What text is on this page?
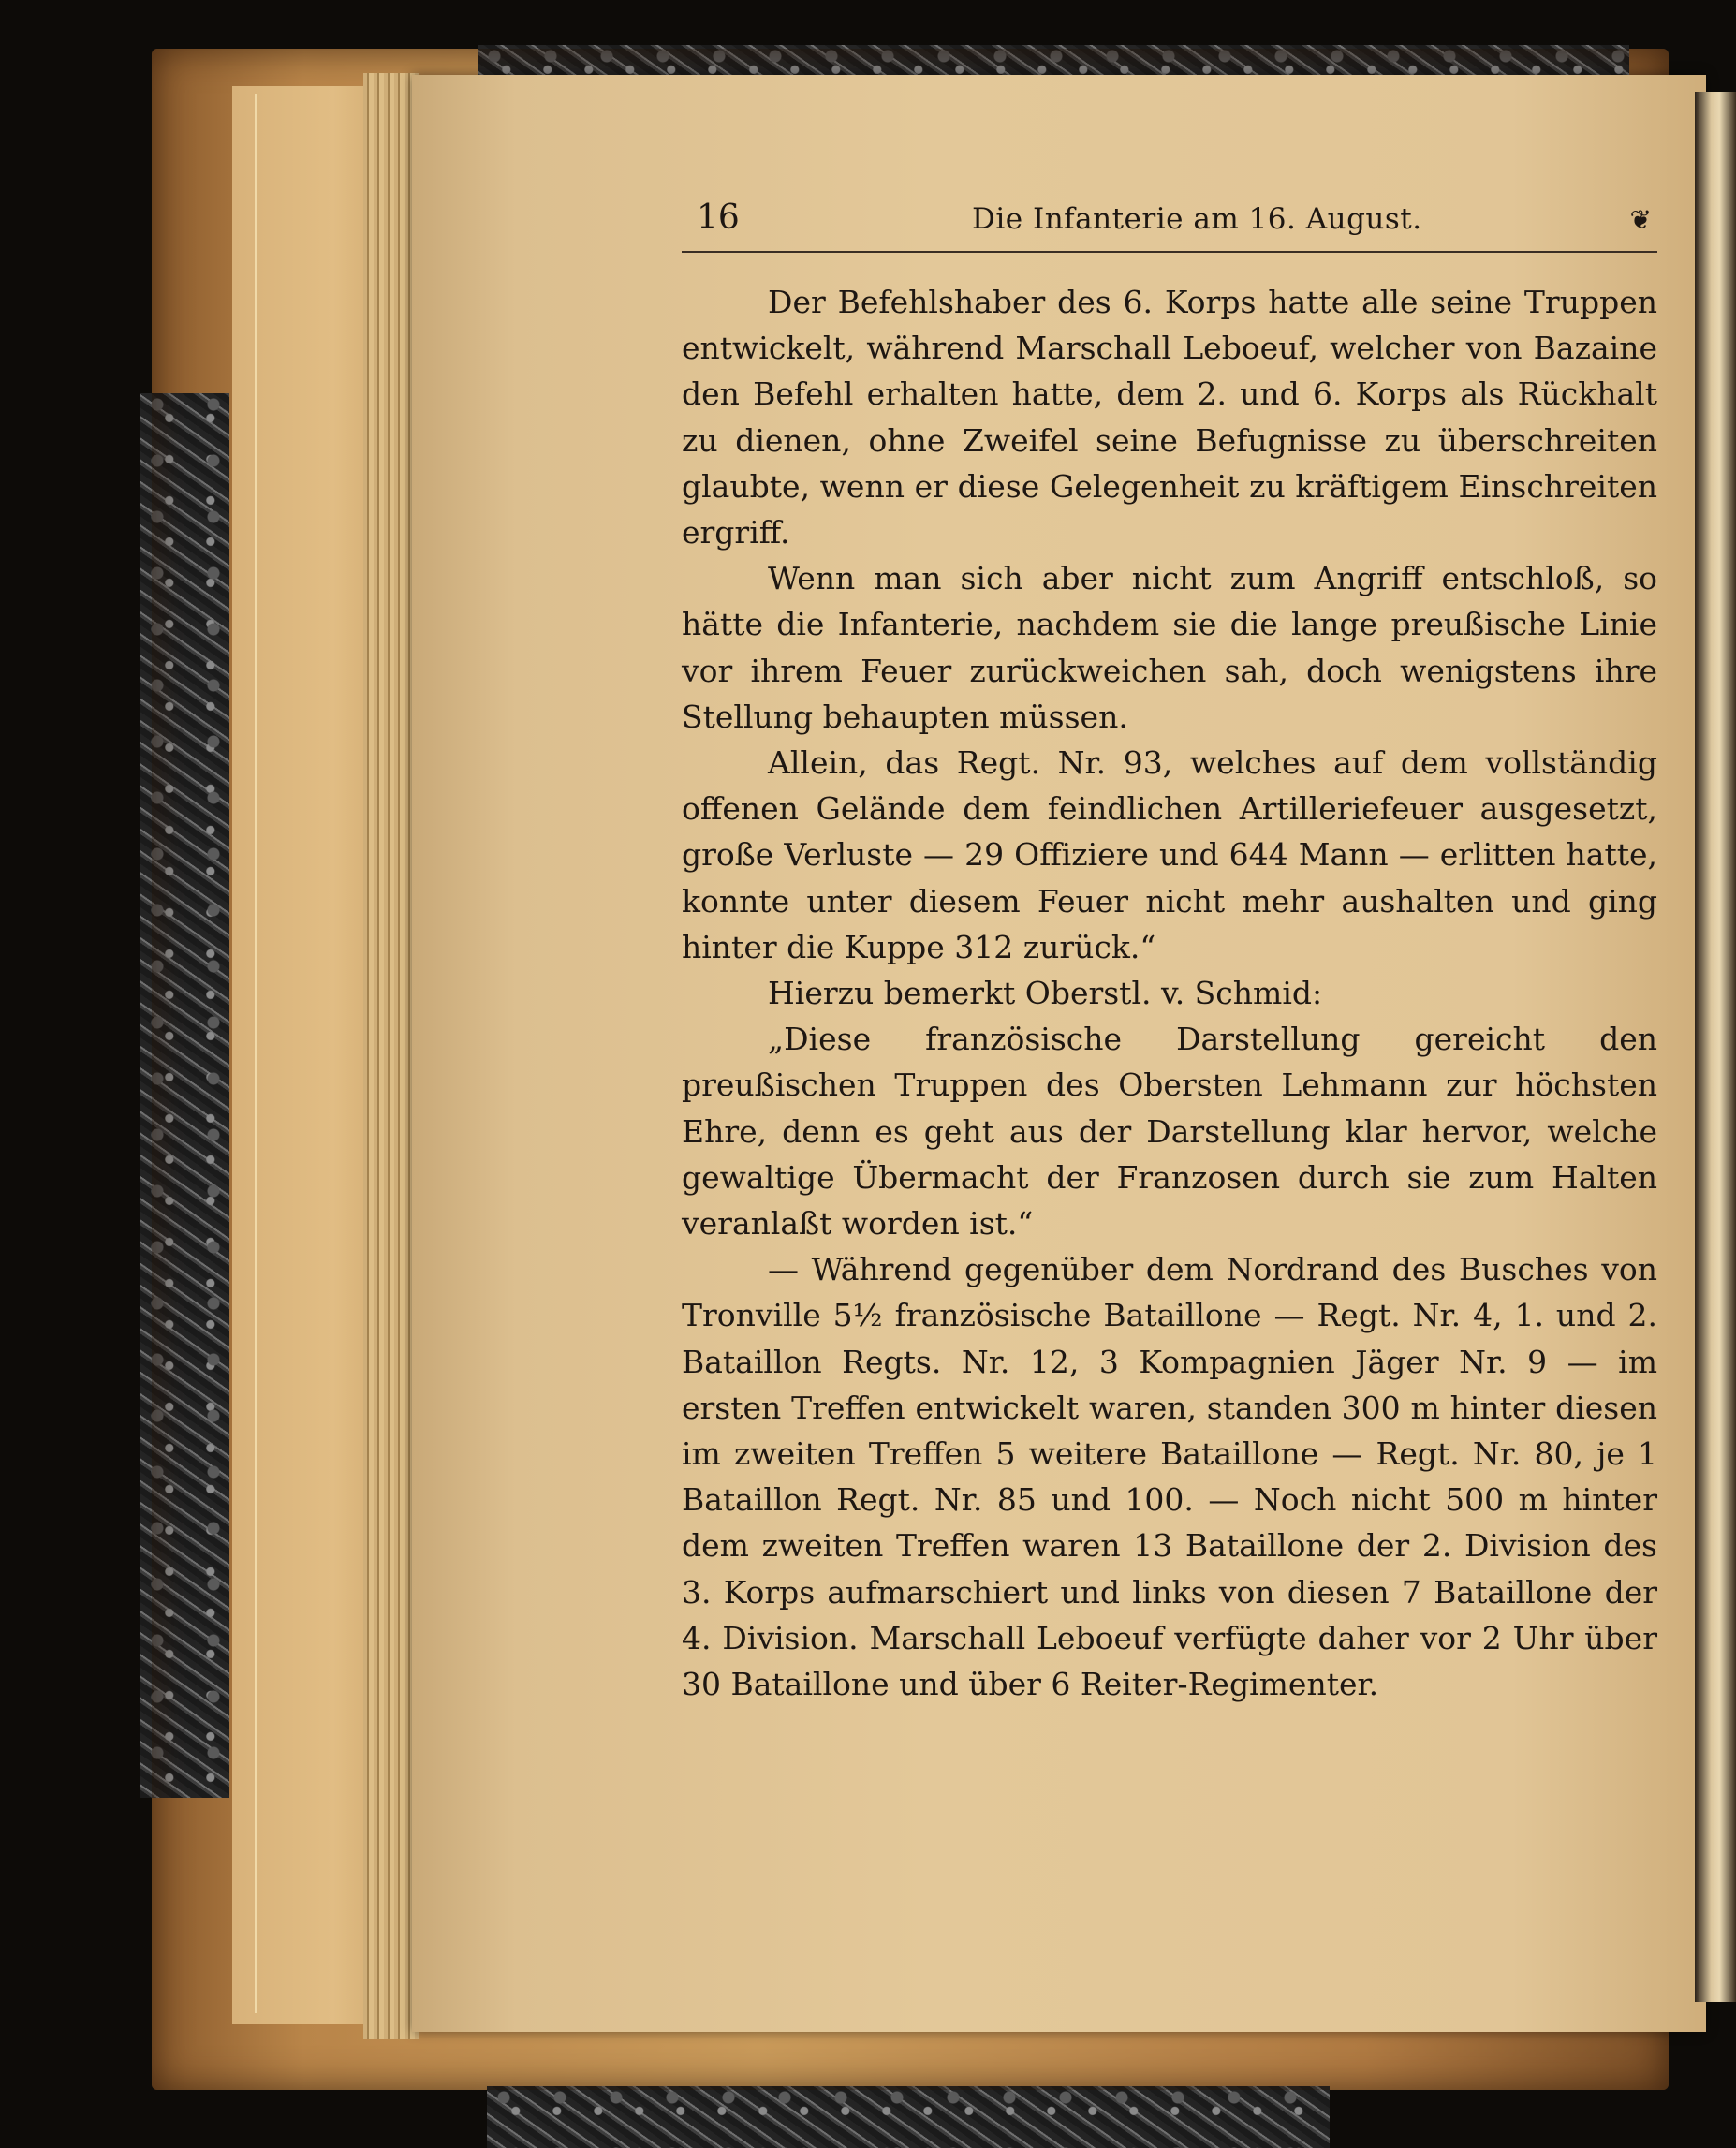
16	Die Infanterie am 16. August.	❦

Der Befehlshaber des 6. Korps hatte alle seine Truppen entwickelt, während Marschall Leboeuf, welcher von Bazaine den Befehl erhalten hatte, dem 2. und 6. Korps als Rückhalt zu dienen, ohne Zweifel seine Befugnisse zu überschreiten glaubte, wenn er diese Gelegenheit zu kräftigem Einschreiten ergriff.

Wenn man sich aber nicht zum Angriff entschloß, so hätte die Infanterie, nachdem sie die lange preußische Linie vor ihrem Feuer zurückweichen sah, doch wenigstens ihre Stellung behaupten müssen.

Allein, das Regt. Nr. 93, welches auf dem vollständig offenen Gelände dem feindlichen Artilleriefeuer ausgesetzt, große Verluste — 29 Offiziere und 644 Mann — erlitten hatte, konnte unter diesem Feuer nicht mehr aushalten und ging hinter die Kuppe 312 zurück.“

Hierzu bemerkt Oberstl. v. Schmid:

„Diese französische Darstellung gereicht den preußischen Truppen des Obersten Lehmann zur höchsten Ehre, denn es geht aus der Darstellung klar hervor, welche gewaltige Übermacht der Franzosen durch sie zum Halten veranlaßt worden ist.“

— Während gegenüber dem Nordrand des Busches von Tronville 5½ französische Bataillone — Regt. Nr. 4, 1. und 2. Bataillon Regts. Nr. 12, 3 Kompagnien Jäger Nr. 9 — im ersten Treffen entwickelt waren, standen 300 m hinter diesen im zweiten Treffen 5 weitere Bataillone — Regt. Nr. 80, je 1 Bataillon Regt. Nr. 85 und 100. — Noch nicht 500 m hinter dem zweiten Treffen waren 13 Bataillone der 2. Division des 3. Korps aufmarschiert und links von diesen 7 Bataillone der 4. Division. Marschall Leboeuf verfügte daher vor 2 Uhr über 30 Bataillone und über 6 Reiter-Regimenter.
